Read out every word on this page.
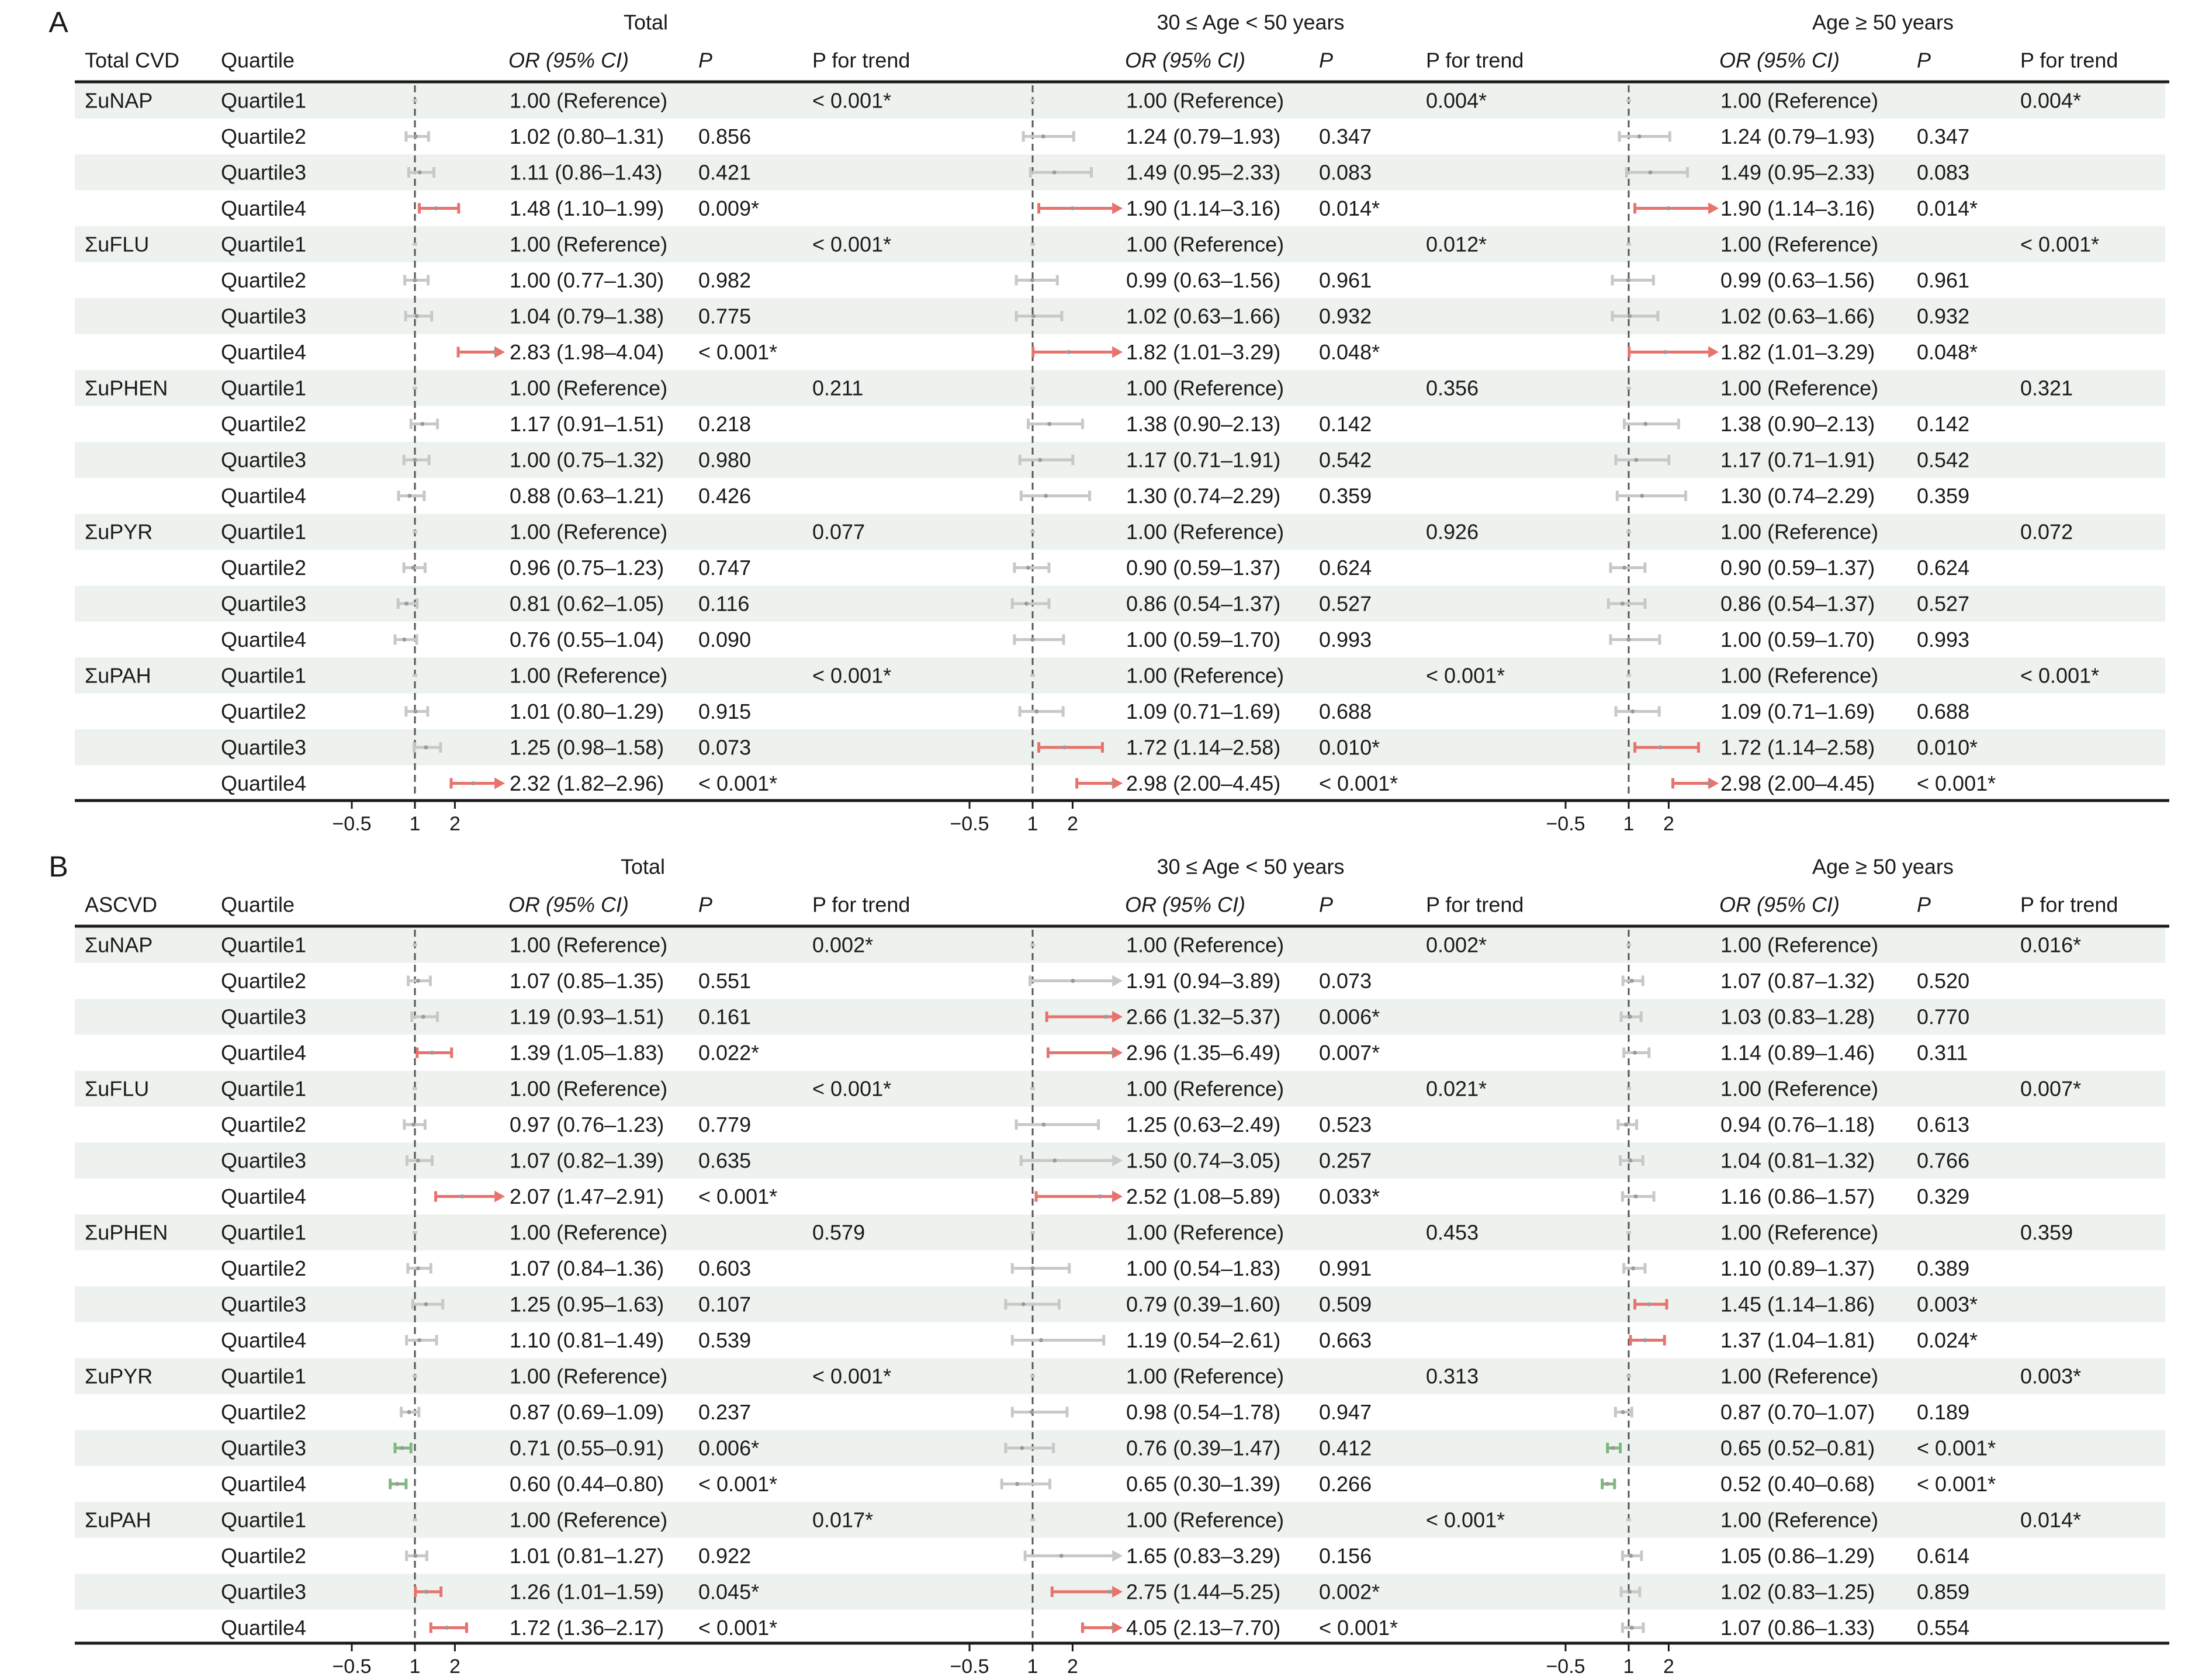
A
Total CVD Quartile
Total
OR (95% CI)	P	P for trend
−0.5 1 2
ΣuNAP	Quartile1	1.00 (Reference)	< 0.001*
Quartile2	1.02 (0.80–1.31) 0.856
Quartile3	1.11 (0.86–1.43) 0.421
Quartile4	1.48 (1.10–1.99) 0.009*
ΣuFLU	Quartile1	1.00 (Reference)	< 0.001*
Quartile2	1.00 (0.77–1.30) 0.982
Quartile3	1.04 (0.79–1.38) 0.775
Quartile4	2.83 (1.98–4.04) < 0.001*
ΣuPHEN	Quartile1	1.00 (Reference)	0.211
Quartile2	1.17 (0.91–1.51) 0.218
Quartile3	1.00 (0.75–1.32) 0.980
Quartile4	0.88 (0.63–1.21) 0.426
ΣuPYR	Quartile1	1.00 (Reference)	0.077
Quartile2	0.96 (0.75–1.23) 0.747
Quartile3	0.81 (0.62–1.05) 0.116
Quartile4	0.76 (0.55–1.04) 0.090
ΣuPAH	Quartile1	1.00 (Reference)	< 0.001*
Quartile2	1.01 (0.80–1.29) 0.915
Quartile3	1.25 (0.98–1.58) 0.073
Quartile4	2.32 (1.82–2.96) < 0.001*
30 ≤ Age < 50 years
OR (95% CI)	P	P for trend
−0.5 1 2
1.00 (Reference)	0.004*
1.24 (0.79–1.93) 0.347
1.49 (0.95–2.33) 0.083
1.90 (1.14–3.16) 0.014*
1.00 (Reference)	0.012*
0.99 (0.63–1.56) 0.961
1.02 (0.63–1.66) 0.932
1.82 (1.01–3.29) 0.048*
1.00 (Reference)	0.356
1.38 (0.90–2.13) 0.142
1.17 (0.71–1.91) 0.542
1.30 (0.74–2.29) 0.359
1.00 (Reference)	0.926
0.90 (0.59–1.37) 0.624
0.86 (0.54–1.37) 0.527
1.00 (0.59–1.70) 0.993
1.00 (Reference)	< 0.001*
1.09 (0.71–1.69) 0.688
1.72 (1.14–2.58) 0.010*
2.98 (2.00–4.45) < 0.001*
Age ≥ 50 years
OR (95% CI)	P	P for trend
−0.5 1 2
1.00 (Reference)	0.004*
1.24 (0.79–1.93) 0.347
1.49 (0.95–2.33) 0.083
1.90 (1.14–3.16) 0.014*
1.00 (Reference)	< 0.001*
0.99 (0.63–1.56) 0.961
1.02 (0.63–1.66) 0.932
1.82 (1.01–3.29) 0.048*
1.00 (Reference)	0.321
1.38 (0.90–2.13) 0.142
1.17 (0.71–1.91) 0.542
1.30 (0.74–2.29) 0.359
1.00 (Reference)	0.072
0.90 (0.59–1.37) 0.624
0.86 (0.54–1.37) 0.527
1.00 (0.59–1.70) 0.993
1.00 (Reference)	< 0.001*
1.09 (0.71–1.69) 0.688
1.72 (1.14–2.58) 0.010*
2.98 (2.00–4.45) < 0.001*
B
ASCVD	Quartile
Total
OR (95% CI)	P	P for trend
−0.5 1 2
ΣuNAP	Quartile1	1.00 (Reference)	0.002*
Quartile2	1.07 (0.85–1.35) 0.551
Quartile3	1.19 (0.93–1.51) 0.161
Quartile4	1.39 (1.05–1.83) 0.022*
ΣuFLU	Quartile1	1.00 (Reference)	< 0.001*
Quartile2	0.97 (0.76–1.23) 0.779
Quartile3	1.07 (0.82–1.39) 0.635
Quartile4	2.07 (1.47–2.91) < 0.001*
ΣuPHEN	Quartile1	1.00 (Reference)	0.579
Quartile2	1.07 (0.84–1.36) 0.603
Quartile3	1.25 (0.95–1.63) 0.107
Quartile4	1.10 (0.81–1.49) 0.539
ΣuPYR	Quartile1	1.00 (Reference)	< 0.001*
Quartile2	0.87 (0.69–1.09) 0.237
Quartile3	0.71 (0.55–0.91) 0.006*
Quartile4	0.60 (0.44–0.80) < 0.001*
ΣuPAH	Quartile1	1.00 (Reference)	0.017*
Quartile2	1.01 (0.81–1.27) 0.922
Quartile3	1.26 (1.01–1.59) 0.045*
Quartile4	1.72 (1.36–2.17) < 0.001*
30 ≤ Age < 50 years
OR (95% CI)	P	P for trend
−0.5 1 2
1.00 (Reference)	0.002*
1.91 (0.94–3.89) 0.073
2.66 (1.32–5.37) 0.006*
2.96 (1.35–6.49) 0.007*
1.00 (Reference)	0.021*
1.25 (0.63–2.49) 0.523
1.50 (0.74–3.05) 0.257
2.52 (1.08–5.89) 0.033*
1.00 (Reference)	0.453
1.00 (0.54–1.83) 0.991
0.79 (0.39–1.60) 0.509
1.19 (0.54–2.61) 0.663
1.00 (Reference)	0.313
0.98 (0.54–1.78) 0.947
0.76 (0.39–1.47) 0.412
0.65 (0.30–1.39) 0.266
1.00 (Reference)	< 0.001*
1.65 (0.83–3.29) 0.156
2.75 (1.44–5.25) 0.002*
4.05 (2.13–7.70) < 0.001*
Age ≥ 50 years
OR (95% CI)	P	P for trend
−0.5 1 2
1.00 (Reference)	0.016*
1.07 (0.87–1.32) 0.520
1.03 (0.83–1.28) 0.770
1.14 (0.89–1.46) 0.311
1.00 (Reference)	0.007*
0.94 (0.76–1.18) 0.613
1.04 (0.81–1.32) 0.766
1.16 (0.86–1.57) 0.329
1.00 (Reference)	0.359
1.10 (0.89–1.37) 0.389
1.45 (1.14–1.86) 0.003*
1.37 (1.04–1.81) 0.024*
1.00 (Reference)	0.003*
0.87 (0.70–1.07) 0.189
0.65 (0.52–0.81) < 0.001*
0.52 (0.40–0.68) < 0.001*
1.00 (Reference)	0.014*
1.05 (0.86–1.29) 0.614
1.02 (0.83–1.25) 0.859
1.07 (0.86–1.33) 0.554
